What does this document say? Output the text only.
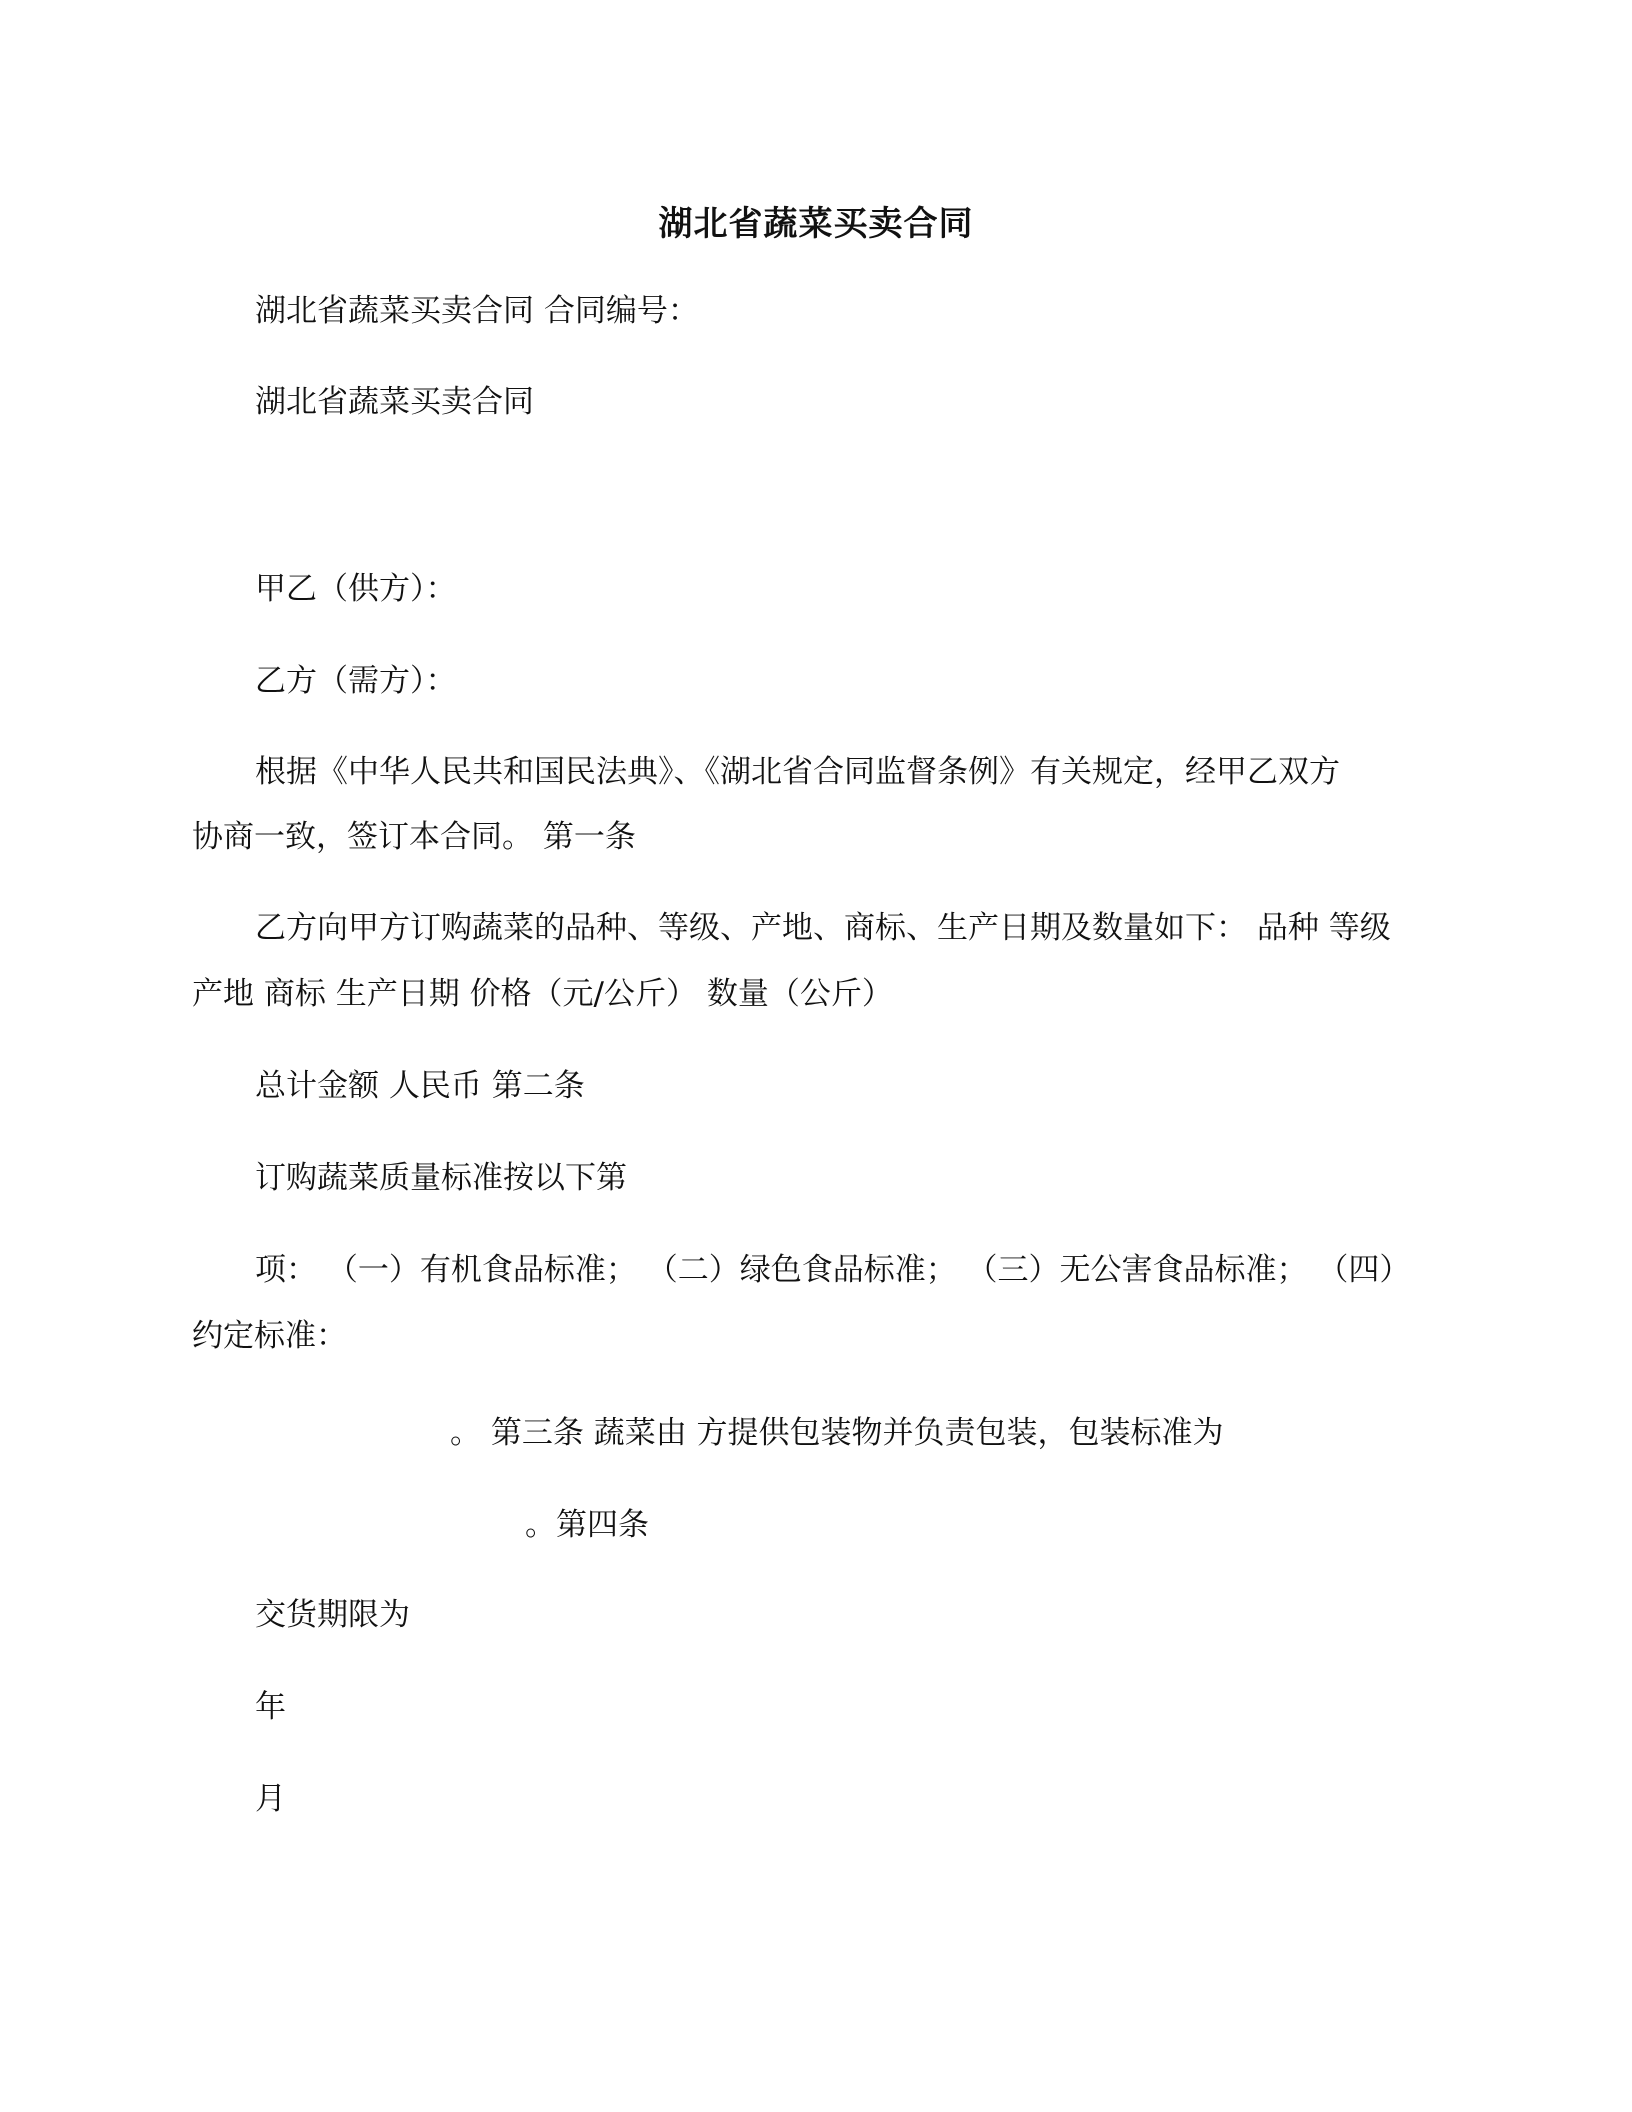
湖北省蔬菜买卖合同
湖北省蔬菜买卖合同 合同编号：
湖北省蔬菜买卖合同
甲乙（供方）：
乙方（需方）：
根据《中华人民共和国民法典》、《湖北省合同监督条例》有关规定，经甲乙双方
协商一致，签订本合同。 第一条
乙方向甲方订购蔬菜的品种、等级、产地、商标、生产日期及数量如下： 品种 等级
产地 商标 生产日期 价格（元/公斤） 数量（公斤）
总计金额 人民币 第二条
订购蔬菜质量标准按以下第
项： （一）有机食品标准； （二）绿色食品标准； （三）无公害食品标准； （四）
约定标准：
。 第三条 蔬菜由 方提供包装物并负责包装，包装标准为
。第四条
交货期限为
年
月
